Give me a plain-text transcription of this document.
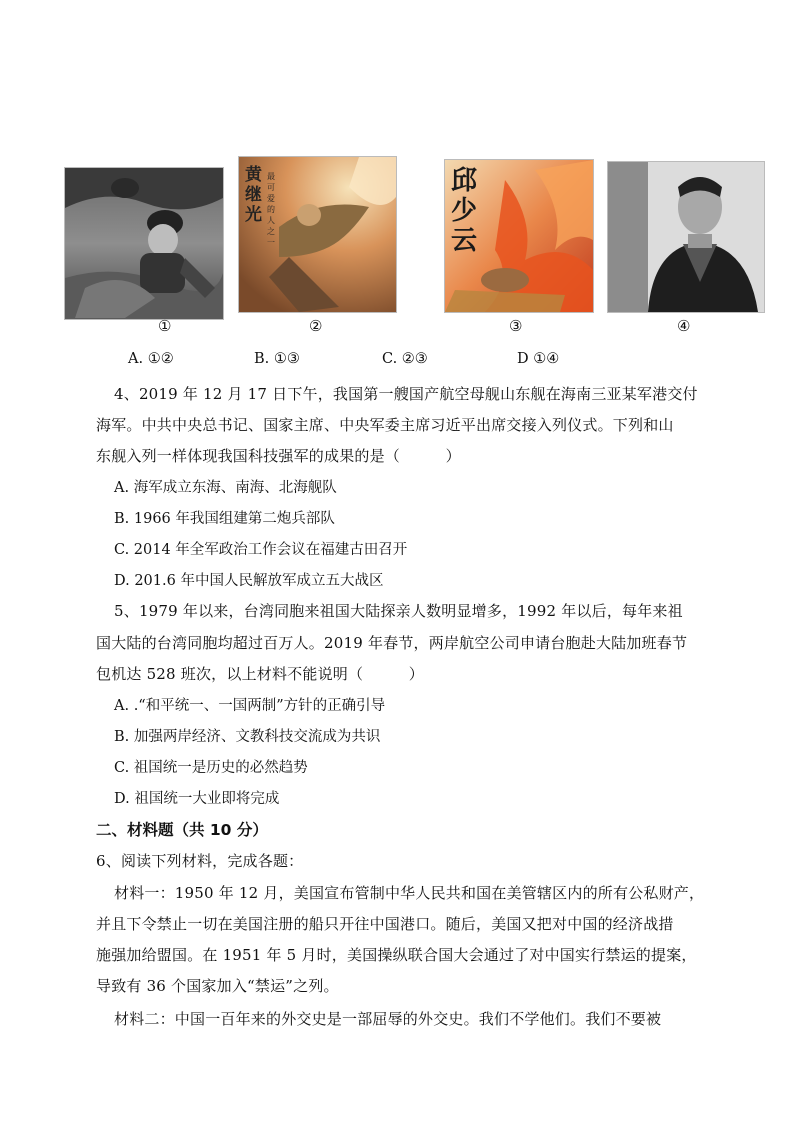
黄继光
最可爱的人之一
邱少云
①	②	③	④
A. ①②	B. ①③	C. ②③	D ①④
4、2019 年 12 月 17 日下午，我国第一艘国产航空母舰山东舰在海南三亚某军港交付
海军。中共中央总书记、国家主席、中央军委主席习近平出席交接入列仪式。下列和山
东舰入列一样体现我国科技强军的成果的是（　　　）
A. 海军成立东海、南海、北海舰队
B. 1966 年我国组建第二炮兵部队
C. 2014 年全军政治工作会议在福建古田召开
D. 201.6 年中国人民解放军成立五大战区
5、1979 年以来，台湾同胞来祖国大陆探亲人数明显增多，1992 年以后，每年来祖
国大陆的台湾同胞均超过百万人。2019 年春节，两岸航空公司申请台胞赴大陆加班春节
包机达 528 班次，以上材料不能说明（　　　）
A. .“和平统一、一国两制”方针的正确引导
B. 加强两岸经济、文教科技交流成为共识
C. 祖国统一是历史的必然趋势
D. 祖国统一大业即将完成
二、材料题（共 10 分）
6、阅读下列材料，完成各题：
材料一：1950 年 12 月，美国宣布管制中华人民共和国在美管辖区内的所有公私财产，
并且下令禁止一切在美国注册的船只开往中国港口。随后，美国又把对中国的经济战措
施强加给盟国。在 1951 年 5 月时，美国操纵联合国大会通过了对中国实行禁运的提案，
导致有 36 个国家加入“禁运”之列。
材料二：中国一百年来的外交史是一部屈辱的外交史。我们不学他们。我们不要被
